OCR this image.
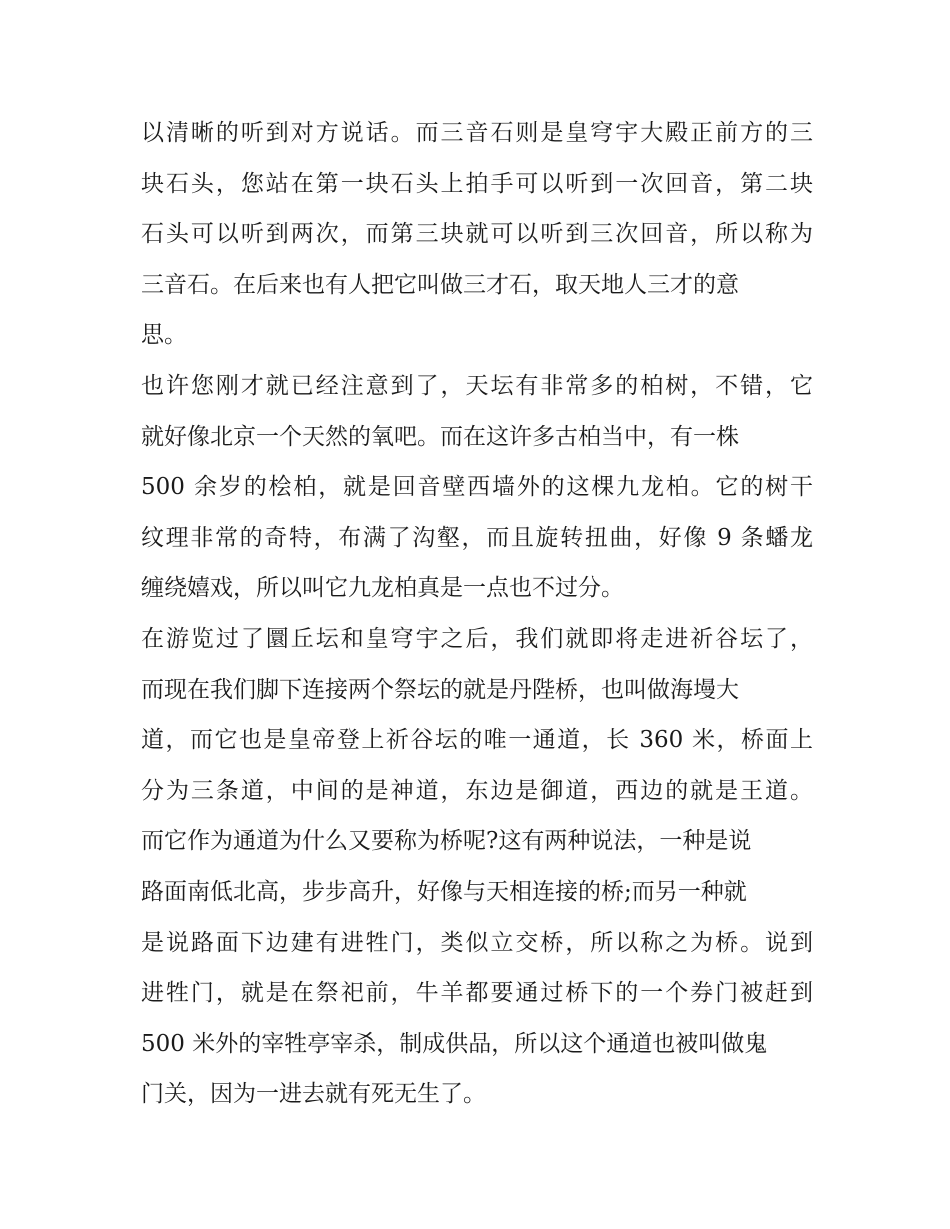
以清晰的听到对方说话。而三音石则是皇穹宇大殿正前方的三
块石头，您站在第一块石头上拍手可以听到一次回音，第二块
石头可以听到两次，而第三块就可以听到三次回音，所以称为
三音石。在后来也有人把它叫做三才石，取天地人三才的意
思。
也许您刚才就已经注意到了，天坛有非常多的柏树，不错，它
就好像北京一个天然的氧吧。而在这许多古柏当中，有一株
500 余岁的桧柏，就是回音壁西墙外的这棵九龙柏。它的树干
纹理非常的奇特，布满了沟壑，而且旋转扭曲，好像 9 条蟠龙
缠绕嬉戏，所以叫它九龙柏真是一点也不过分。
在游览过了圜丘坛和皇穹宇之后，我们就即将走进祈谷坛了，
而现在我们脚下连接两个祭坛的就是丹陛桥，也叫做海墁大
道，而它也是皇帝登上祈谷坛的唯一通道，长 360 米，桥面上
分为三条道，中间的是神道，东边是御道，西边的就是王道。
而它作为通道为什么又要称为桥呢?这有两种说法，一种是说
路面南低北高，步步高升，好像与天相连接的桥;而另一种就
是说路面下边建有进牲门，类似立交桥，所以称之为桥。说到
进牲门，就是在祭祀前，牛羊都要通过桥下的一个券门被赶到
500 米外的宰牲亭宰杀，制成供品，所以这个通道也被叫做鬼
门关，因为一进去就有死无生了。
